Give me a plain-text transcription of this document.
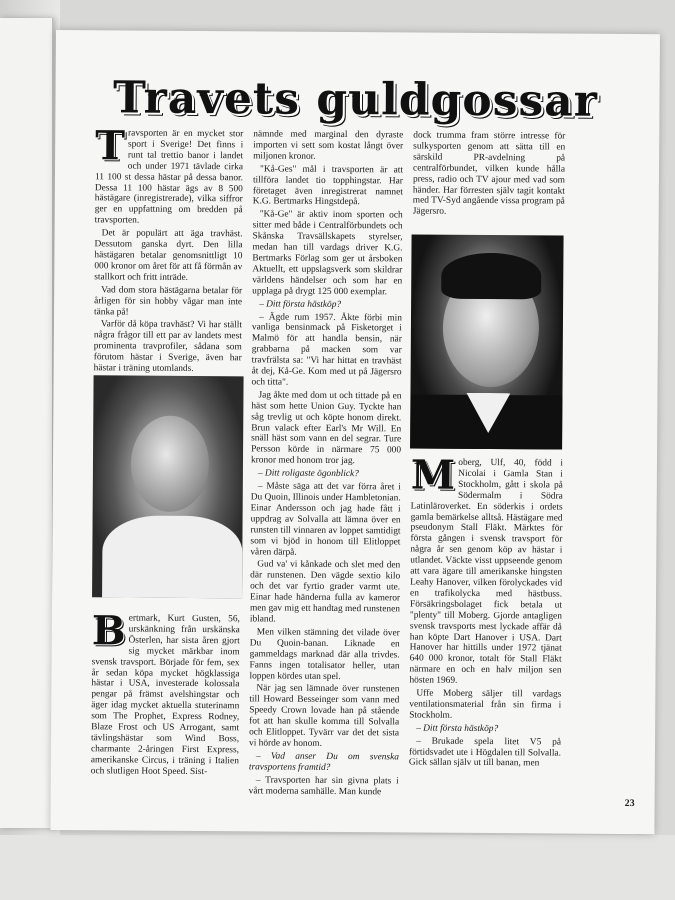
Travets guldgossar

Travsporten är en mycket stor sport i Sverige! Det finns i runt tal trettio banor i landet och under 1971 tävlade cirka 11 100 st dessa hästar på dessa banor. Dessa 11 100 hästar ägs av 8 500 hästägare (inregistrerade), vilka siffror ger en uppfattning om bredden på travsporten.

Det är populärt att äga travhäst. Dessutom ganska dyrt. Den lilla hästägaren betalar genomsnittligt 10 000 kronor om året för att få förmån av stallkort och fritt inträde.

Vad dom stora hästägarna betalar för årligen för sin hobby vågar man inte tänka på!

Varför då köpa travhäst? Vi har ställt några frågor till ett par av landets mest prominenta travprofiler, sådana som förutom hästar i Sverige, även har hästar i träning utomlands.

Bertmark, Kurt Gusten, 56, urskänkning från urskänska Österlen, har sista åren gjort sig mycket märkbar inom svensk travsport. Började för fem, sex år sedan köpa mycket högklassiga hästar i USA, investerade kolossala pengar på främst avelshingstar och äger idag mycket aktuella stuterinamn som The Prophet, Express Rodney, Blaze Frost och US Arrogant, samt tävlingshästar som Wind Boss, charmante 2-åringen First Express, amerikanske Circus, i träning i Italien och slutligen Hoot Speed. Sist-

nämnde med marginal den dyraste importen vi sett som kostat långt över miljonen kronor.

"Kå-Ges" mål i travsporten är att tillföra landet tio topphingstar. Har företaget även inregistrerat namnet K.G. Bertmarks Hingstdepå.

"Kå-Ge" är aktiv inom sporten och sitter med både i Centralförbundets och Skånska Travsällskapets styrelser, medan han till vardags driver K.G. Bertmarks Förlag som ger ut årsboken Aktuellt, ett uppslagsverk som skildrar världens händelser och som har en upplaga på drygt 125 000 exemplar.

– Ditt första hästköp?

– Ägde rum 1957. Åkte förbi min vanliga bensinmack på Fisketorget i Malmö för att handla bensin, när grabbarna på macken som var travfrälsta sa: "Vi har hittat en travhäst åt dej, Kå-Ge. Kom med ut på Jägersro och titta".

Jag åkte med dom ut och tittade på en häst som hette Union Guy. Tyckte han såg trevlig ut och köpte honom direkt. Brun valack efter Earl's Mr Will. En snäll häst som vann en del segrar. Ture Persson körde in närmare 75 000 kronor med honom tror jag.

– Ditt roligaste ögonblick?

– Måste säga att det var förra året i Du Quoin, Illinois under Hambletonian. Einar Andersson och jag hade fått i uppdrag av Solvalla att lämna över en runsten till vinnaren av loppet samtidigt som vi bjöd in honom till Elitloppet våren därpå.

Gud va' vi kånkade och slet med den där runstenen. Den vägde sextio kilo och det var fyrtio grader varmt ute. Einar hade händerna fulla av kameror men gav mig ett handtag med runstenen ibland.

Men vilken stämning det vilade över Du Quoin-banan. Liknade en gammeldags marknad där alla trivdes. Fanns ingen totalisator heller, utan loppen kördes utan spel.

När jag sen lämnade över runstenen till Howard Besseinger som vann med Speedy Crown lovade han på stående fot att han skulle komma till Solvalla och Elitloppet. Tyvärr var det det sista vi hörde av honom.

– Vad anser Du om svenska travsportens framtid?

– Travsporten har sin givna plats i vårt moderna samhälle. Man kunde

dock trumma fram större intresse för sulkysporten genom att sätta till en särskild PR-avdelning på centralförbundet, vilken kunde hålla press, radio och TV ajour med vad som händer. Har förresten själv tagit kontakt med TV-Syd angående vissa program på Jägersro.

Moberg, Ulf, 40, född i Nicolai i Gamla Stan i Stockholm, gått i skola på Södermalm i Södra Latinläroverket. En söderkis i ordets gamla bemärkelse alltså. Hästägare med pseudonym Stall Fläkt. Märktes för första gången i svensk travsport för några år sen genom köp av hästar i utlandet. Väckte visst uppseende genom att vara ägare till amerikanske hingsten Leahy Hanover, vilken förolyckades vid en trafikolycka med hästbuss. Försäkringsbolaget fick betala ut "plenty" till Moberg. Gjorde antagligen svensk travsports mest lyckade affär då han köpte Dart Hanover i USA. Dart Hanover har hittills under 1972 tjänat 640 000 kronor, totalt för Stall Fläkt närmare en och en halv miljon sen hösten 1969.

Uffe Moberg säljer till vardags ventilationsmaterial från sin firma i Stockholm.

– Ditt första hästköp?

– Brukade spela litet V5 på förtidsvadet ute i Högdalen till Solvalla. Gick sällan själv ut till banan, men

23
